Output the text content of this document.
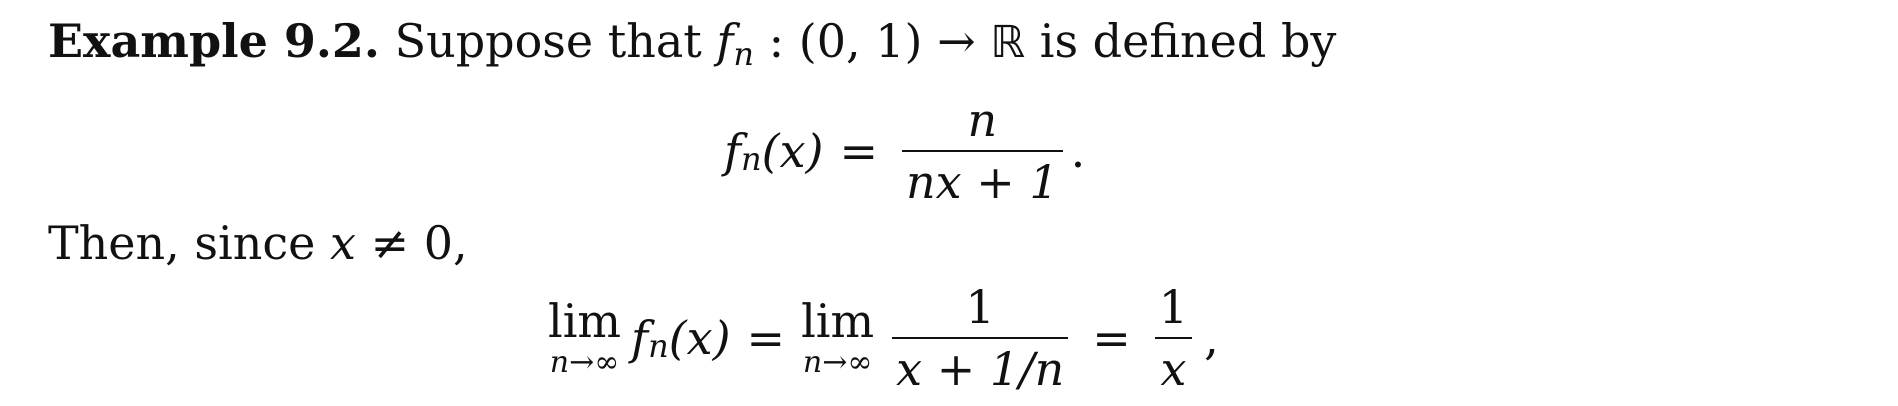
Example 9.2. Suppose that fn : (0, 1) → ℝ is defined by
f n $(x) = \frac{n}{nx + 1}$ .
Then, since x ≠ 0,
lim
n→∞ f n (x) = lim
$n\to\infty \frac{1}{x + 1/n} = \frac{1}{x}$ ,
